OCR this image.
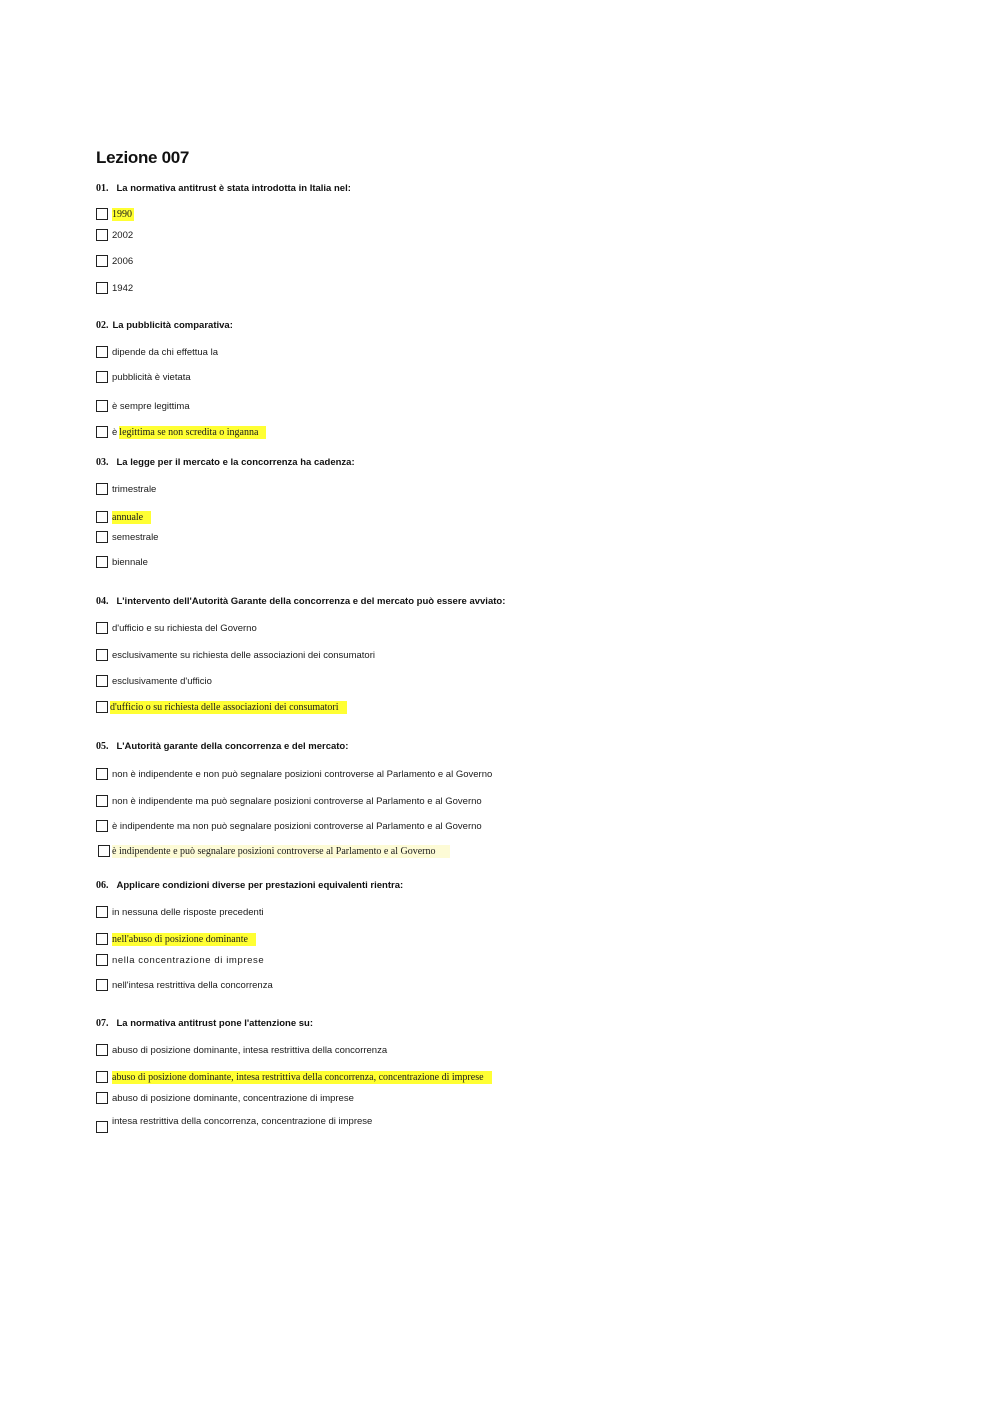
Lezione 007
01. La normativa antitrust è stata introdotta in Italia nel:
1990
2002
2006
1942
02. La pubblicità comparativa:
dipende da chi effettua la
pubblicità è vietata
è sempre legittima
è legittima se non scredita o inganna
03. La legge per il mercato e la concorrenza ha cadenza:
trimestrale
annuale
semestrale
biennale
04. L'intervento dell'Autorità Garante della concorrenza e del mercato può essere avviato:
d'ufficio e su richiesta del Governo
esclusivamente su richiesta delle associazioni dei consumatori
esclusivamente d'ufficio
d'ufficio o su richiesta delle associazioni dei consumatori
05. L'Autorità garante della concorrenza e del mercato:
non è indipendente e non può segnalare posizioni controverse al Parlamento e al Governo
non è indipendente ma può segnalare posizioni controverse al Parlamento e al Governo
è indipendente ma non può segnalare posizioni controverse al Parlamento e al Governo
è indipendente e può segnalare posizioni controverse al Parlamento e al Governo
06. Applicare condizioni diverse per prestazioni equivalenti rientra:
in nessuna delle risposte precedenti
nell'abuso di posizione dominante
nella concentrazione di imprese
nell'intesa restrittiva della concorrenza
07. La normativa antitrust pone l'attenzione su:
abuso di posizione dominante, intesa restrittiva della concorrenza
abuso di posizione dominante, intesa restrittiva della concorrenza, concentrazione di imprese
abuso di posizione dominante, concentrazione di imprese
intesa restrittiva della concorrenza, concentrazione di imprese
